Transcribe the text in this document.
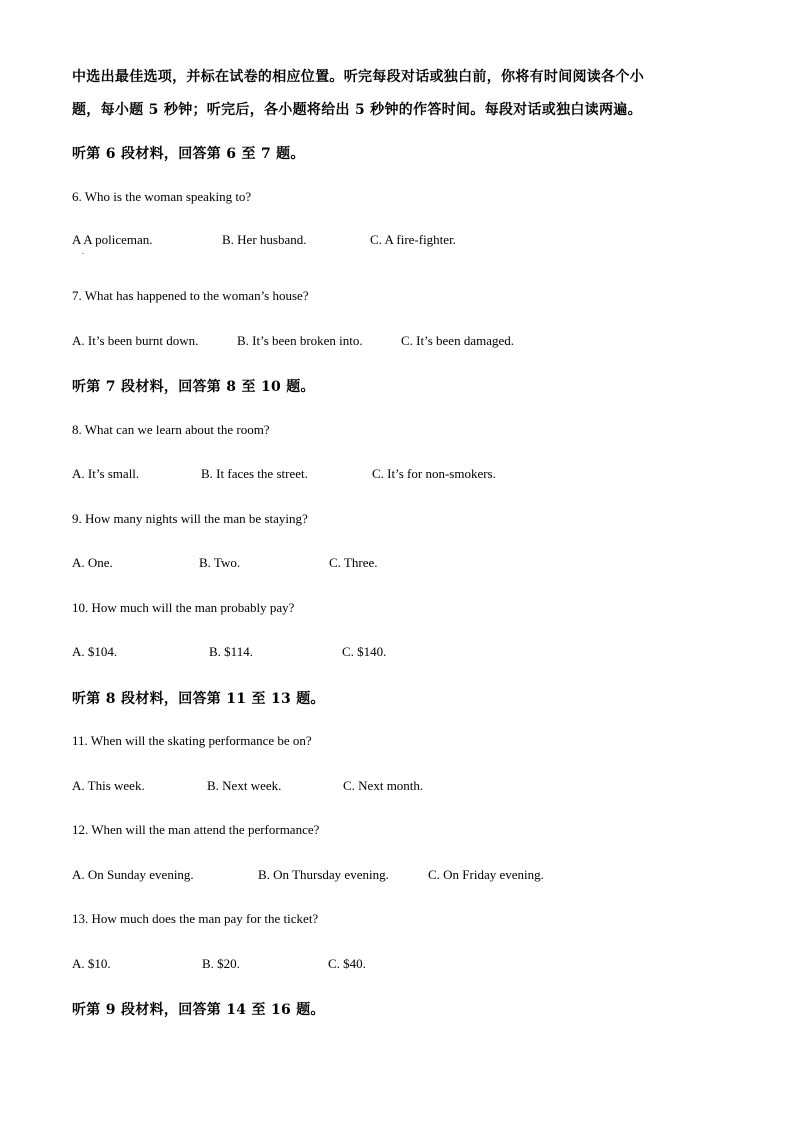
中选出最佳选项，并标在试卷的相应位置。听完每段对话或独白前，你将有时间阅读各个小
题，每小题 5 秒钟；听完后，各小题将给出 5 秒钟的作答时间。每段对话或独白读两遍。
听第 6 段材料，回答第 6 至 7 题。
6. Who is the woman speaking to?
A A policeman.	B. Her husband.	C. A fire-fighter.
.
7. What has happened to the woman’s house?
A. It’s been burnt down.	B. It’s been broken into.	C. It’s been damaged.
听第 7 段材料，回答第 8 至 10 题。
8. What can we learn about the room?
A. It’s small.	B. It faces the street.	C. It’s for non-smokers.
9. How many nights will the man be staying?
A. One.	B. Two.	C. Three.
10. How much will the man probably pay?
A. $104.	B. $114.	C. $140.
听第 8 段材料，回答第 11 至 13 题。
11. When will the skating performance be on?
A. This week.	B. Next week.	C. Next month.
12. When will the man attend the performance?
A. On Sunday evening.	B. On Thursday evening.	C. On Friday evening.
13. How much does the man pay for the ticket?
A. $10.	B. $20.	C. $40.
听第 9 段材料，回答第 14 至 16 题。
